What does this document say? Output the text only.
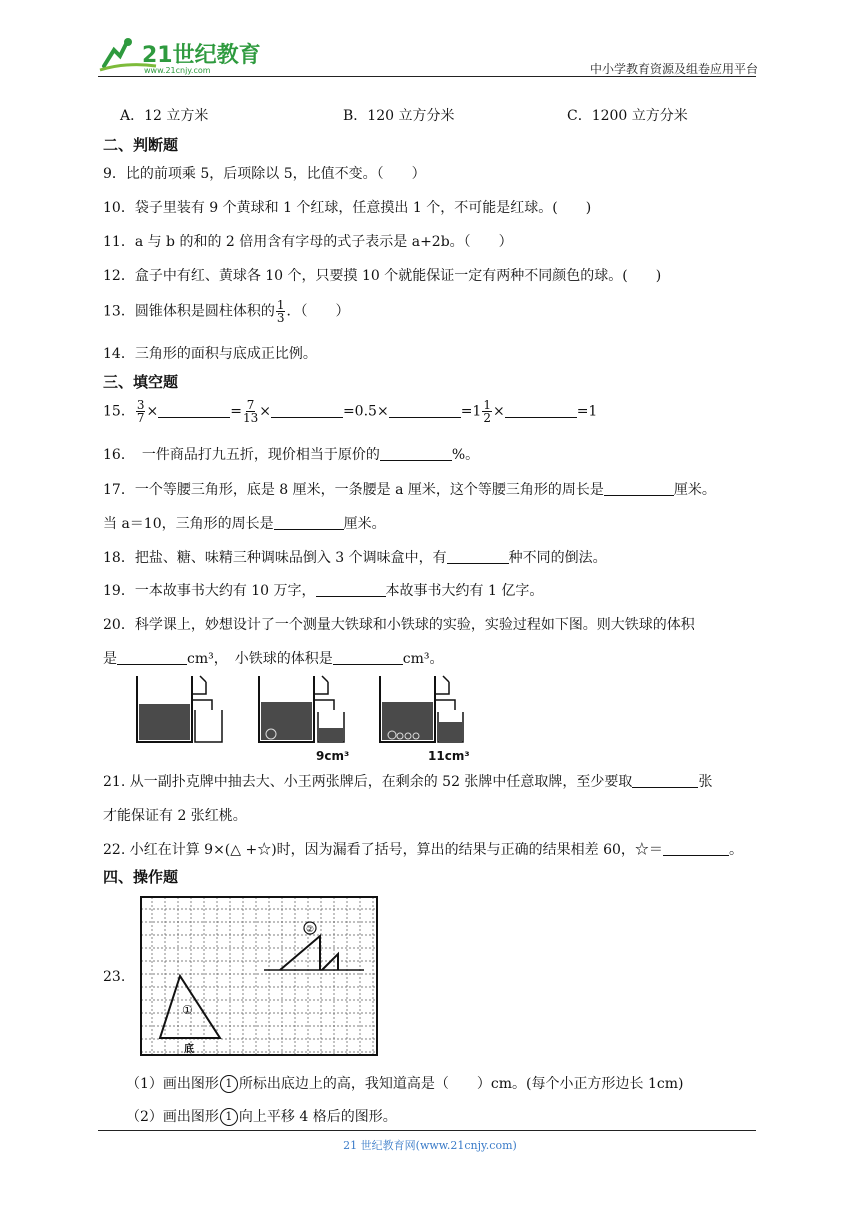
21世纪教育
www.21cnjy.com	中小学教育资源及组卷应用平台
A．12 立方米	B．120 立方分米	C．1200 立方分米
二、判断题
9．比的前项乘 5，后项除以 5，比值不变。（　　）
10．袋子里装有 9 个黄球和 1 个红球，任意摸出 1 个，不可能是红球。(　　)
11．a 与 b 的和的 2 倍用含有字母的式子表示是 a+2b。（　　）
12．盒子中有红、黄球各 10 个，只要摸 10 个就能保证一定有两种不同颜色的球。(　　)
13．圆锥体积是圆柱体积的 $\frac{1}{3}$ ．（　　）
14．三角形的面积与底成正比例。
三、填空题
15． $\frac{3}{7}$ ×	= $\frac{7}{13}$ ×	=0.5×	$=1 \frac{1}{2}$ ×	=1
16．　一件商品打九五折，现价相当于原价的	%。
17．一个等腰三角形，底是 8 厘米，一条腰是 a 厘米，这个等腰三角形的周长是	厘米。
当 a＝10，三角形的周长是	厘米。
18．把盐、糖、味精三种调味品倒入 3 个调味盒中，有	种不同的倒法。
19．一本故事书大约有 10 万字，	本故事书大约有 1 亿字。
20．科学课上，妙想设计了一个测量大铁球和小铁球的实验，实验过程如下图。则大铁球的体积
是	cm³，　小铁球的体积是	cm³。
9cm³	11cm³
21. 从一副扑克牌中抽去大、小王两张牌后，在剩余的 52 张牌中任意取牌，至少要取	张
才能保证有 2 张红桃。
22. 小红在计算 9×(△ +☆)时，因为漏看了括号，算出的结果与正确的结果相差 60，☆＝	。
四、操作题
23.
②
①
底
（1）画出图形 1 所标出底边上的高，我知道高是（　　）cm。(每个小正方形边长 1cm)
（2）画出图形 1 向上平移 4 格后的图形。
21 世纪教育网(www.21cnjy.com)
